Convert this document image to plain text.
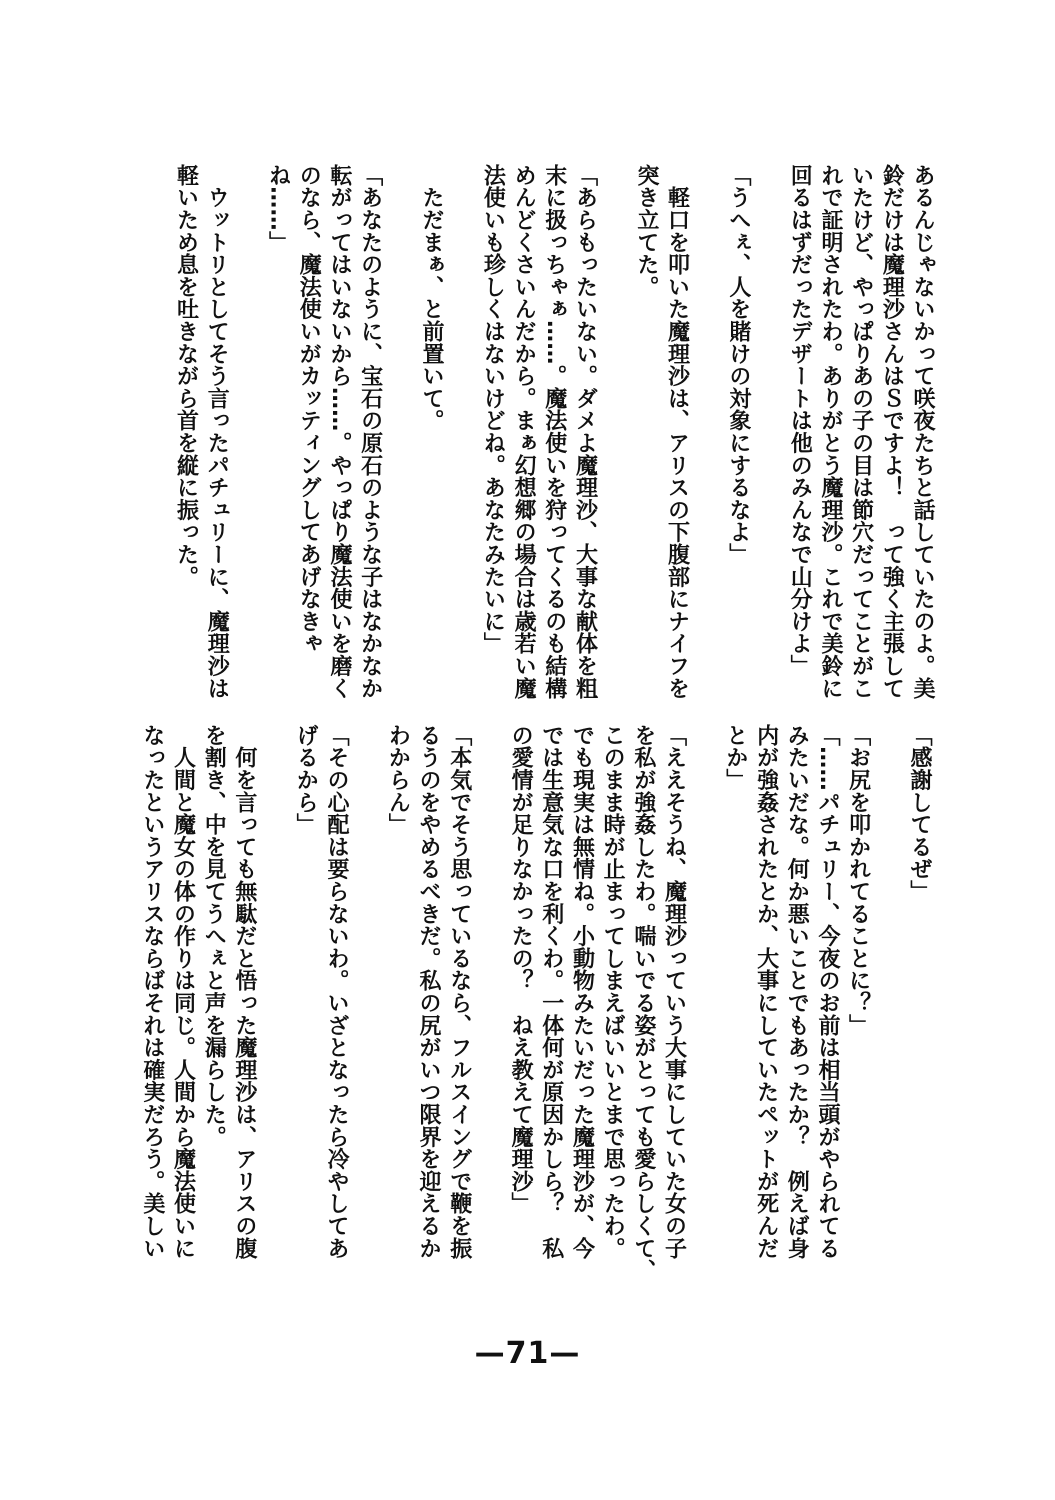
あるんじゃないかって咲夜たちと話していたのよ。美
鈴だけは魔理沙さんはＳですよ！　って強く主張して
いたけど、やっぱりあの子の目は節穴だってことがこ
れで証明されたわ。ありがとう魔理沙。これで美鈴に
回るはずだったデザートは他のみんなで山分けよ」
「うへぇ、人を賭けの対象にするなよ」
　軽口を叩いた魔理沙は、アリスの下腹部にナイフを
突き立てた。
「あらもったいない。ダメよ魔理沙、大事な献体を粗
末に扱っちゃぁ……。魔法使いを狩ってくるのも結構
めんどくさいんだから。まぁ幻想郷の場合は歳若い魔
法使いも珍しくはないけどね。あなたみたいに」
　ただまぁ、と前置いて。
「あなたのように、宝石の原石のような子はなかなか
転がってはいないから……。やっぱり魔法使いを磨く
のなら、魔法使いがカッティングしてあげなきゃ
ね……」
　ウットリとしてそう言ったパチュリーに、魔理沙は
軽いため息を吐きながら首を縦に振った。
「感謝してるぜ」
「お尻を叩かれてることに？」
「……パチュリー、今夜のお前は相当頭がやられてる
みたいだな。何か悪いことでもあったか？　例えば身
内が強姦されたとか、大事にしていたペットが死んだ
とか」
「ええそうね、魔理沙っていう大事にしていた女の子
を私が強姦したわ。喘いでる姿がとっても愛らしくて、
このまま時が止まってしまえばいいとまで思ったわ。
でも現実は無情ね。小動物みたいだった魔理沙が、今
では生意気な口を利くわ。一体何が原因かしら？　私
の愛情が足りなかったの？　ねえ教えて魔理沙」
「本気でそう思っているなら、フルスイングで鞭を振
るうのをやめるべきだ。私の尻がいつ限界を迎えるか
わからん」
「その心配は要らないわ。いざとなったら冷やしてあ
げるから」
　何を言っても無駄だと悟った魔理沙は、アリスの腹
を割き、中を見てうへぇと声を漏らした。
　人間と魔女の体の作りは同じ。人間から魔法使いに
なったというアリスならばそれは確実だろう。美しい
—71—
